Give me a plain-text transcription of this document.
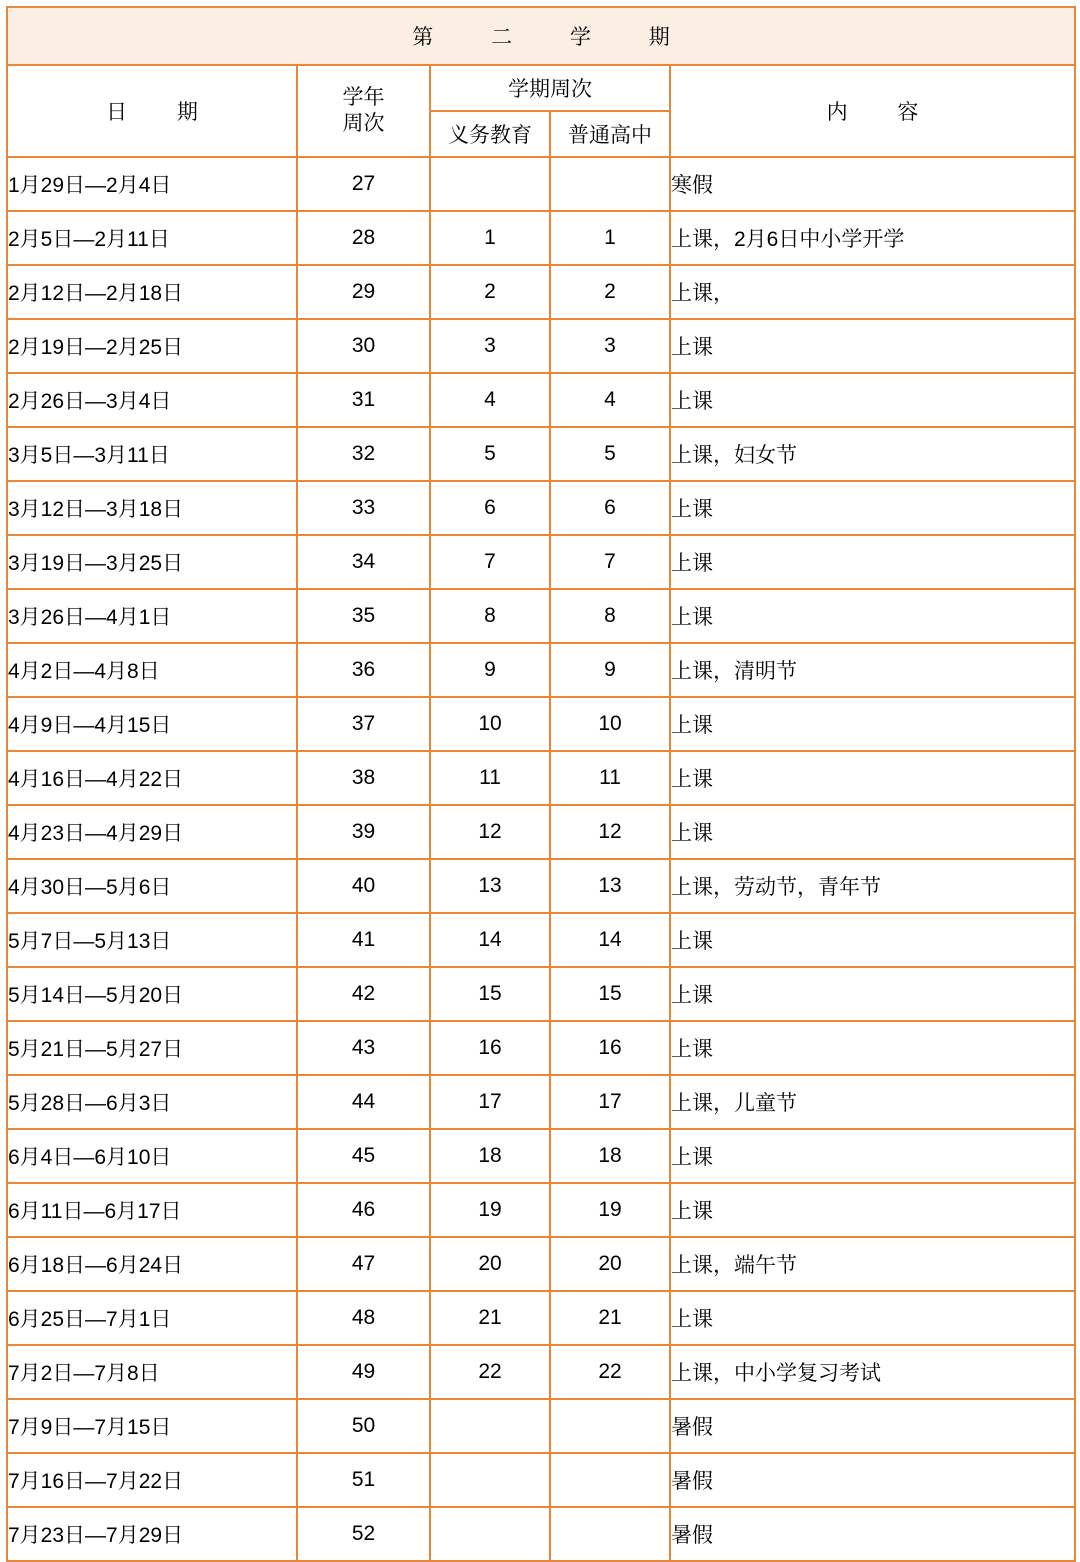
第 二 学 期				
日 期	学年
周次	学期周次		内 容
		义务教育	普通高中	
1月29日—2月4日	27			寒假
2月5日—2月11日	28	1	1	上课，2月6日中小学开学
2月12日—2月18日	29	2	2	上课，
2月19日—2月25日	30	3	3	上课
2月26日—3月4日	31	4	4	上课
3月5日—3月11日	32	5	5	上课，妇女节
3月12日—3月18日	33	6	6	上课
3月19日—3月25日	34	7	7	上课
3月26日—4月1日	35	8	8	上课
4月2日—4月8日	36	9	9	上课，清明节
4月9日—4月15日	37	10	10	上课
4月16日—4月22日	38	11	11	上课
4月23日—4月29日	39	12	12	上课
4月30日—5月6日	40	13	13	上课，劳动节，青年节
5月7日—5月13日	41	14	14	上课
5月14日—5月20日	42	15	15	上课
5月21日—5月27日	43	16	16	上课
5月28日—6月3日	44	17	17	上课，儿童节
6月4日—6月10日	45	18	18	上课
6月11日—6月17日	46	19	19	上课
6月18日—6月24日	47	20	20	上课，端午节
6月25日—7月1日	48	21	21	上课
7月2日—7月8日	49	22	22	上课，中小学复习考试
7月9日—7月15日	50			暑假
7月16日—7月22日	51			暑假
7月23日—7月29日	52			暑假
